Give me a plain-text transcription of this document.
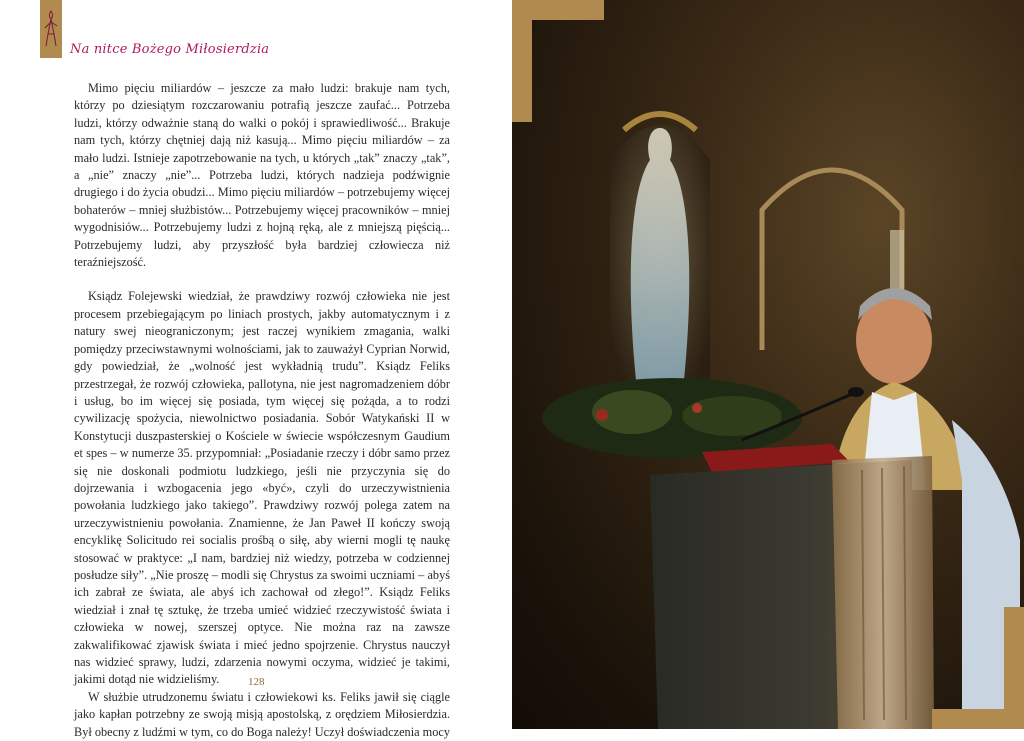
Na nitce Bożego Miłosierdzia

Mimo pięciu miliardów – jeszcze za mało ludzi: brakuje nam tych, którzy po dziesiątym rozczarowaniu potrafią jeszcze zaufać... Potrzeba ludzi, którzy odważnie staną do walki o pokój i sprawiedliwość... Brakuje nam tych, którzy chętniej dają niż kasują... Mimo pięciu miliardów – za mało ludzi. Istnieje zapotrzebowanie na tych, u których „tak” znaczy „tak”, a „nie” znaczy „nie”... Potrzeba ludzi, których nadzieja podźwignie drugiego i do życia obudzi... Mimo pięciu miliardów – potrzebujemy więcej bohaterów – mniej służbistów... Potrzebujemy więcej pracowników – mniej wygodnisiów... Potrzebujemy ludzi z hojną ręką, ale z mniejszą pięścią... Potrzebujemy ludzi, aby przyszłość była bardziej człowiecza niż teraźniejszość.

Ksiądz Folejewski wiedział, że prawdziwy rozwój człowieka nie jest procesem przebiegającym po liniach prostych, jakby automatycznym i z natury swej nieograniczonym; jest raczej wynikiem zmagania, walki pomiędzy przeciwstawnymi wolnościami, jak to zauważył Cyprian Norwid, gdy powiedział, że „wolność jest wykładnią trudu”. Ksiądz Feliks przestrzegał, że rozwój człowieka, pallotyna, nie jest nagromadzeniem dóbr i usług, bo im więcej się posiada, tym więcej się pożąda, a to rodzi cywilizację spożycia, niewolnictwo posiadania. Sobór Watykański II w Konstytucji duszpasterskiej o Kościele w świecie współczesnym Gaudium et spes – w numerze 35. przypomniał: „Posiadanie rzeczy i dóbr samo przez się nie doskonali podmiotu ludzkiego, jeśli nie przyczynia się do dojrzewania i wzbogacenia jego «być», czyli do urzeczywistnienia powołania ludzkiego jako takiego”. Prawdziwy rozwój polega zatem na urzeczywistnieniu powołania. Znamienne, że Jan Paweł II kończy swoją encyklikę Solicitudo rei socialis prośbą o siłę, aby wierni mogli tę naukę stosować w praktyce: „I nam, bardziej niż wiedzy, potrzeba w codziennej posłudze siły”. „Nie proszę – modli się Chrystus za swoimi uczniami – abyś ich zabrał ze świata, ale abyś ich zachował od złego!”. Ksiądz Feliks wiedział i znał tę sztukę, że trzeba umieć widzieć rzeczywistość świata i człowieka w nowej, szerszej optyce. Nie można raz na zawsze zakwalifikować zjawisk świata i mieć jedno spojrzenie. Chrystus nauczył nas widzieć sprawy, ludzi, zdarzenia nowymi oczyma, widzieć je takimi, jakimi dotąd nie widzieliśmy.

W służbie utrudzonemu światu i człowiekowi ks. Feliks jawił się ciągle jako kapłan potrzebny ze swoją misją apostolską, z orędziem Miłosierdzia. Był obecny z ludźmi w tym, co do Boga należy! Uczył doświadczenia mocy

128
